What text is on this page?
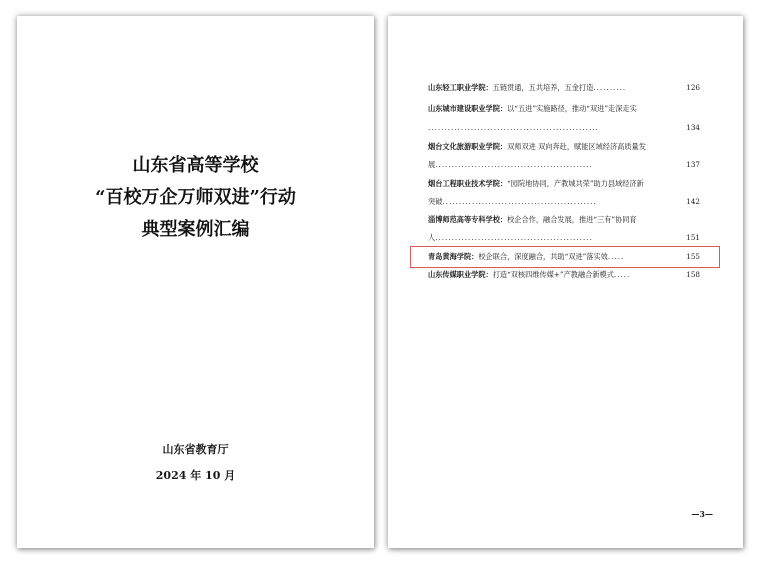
山东省高等学校
“百校万企万师双进”行动
典型案例汇编
山东省教育厅
2024 年 10 月
山东轻工职业学院：五链贯通，五共培养，五金打造..........	126
山东城市建设职业学院：以“五进”实施路径，推动“双进”走深走实
....................................................	134
烟台文化旅游职业学院：双师双进 双向奔赴，赋能区域经济高质量发
展................................................	137
烟台工程职业技术学院：“园院地协同，产教城共荣”助力县域经济新
突破...............................................	142
淄博师范高等专科学校：校企合作，融合发展，推进“三有”协同育
人................................................	151
青岛黄海学院：校企联合，深度融合，共助“双进”落实效.....	155
山东传媒职业学院：打造“双核四维传媒+”产教融合新模式.....	158
—3—
